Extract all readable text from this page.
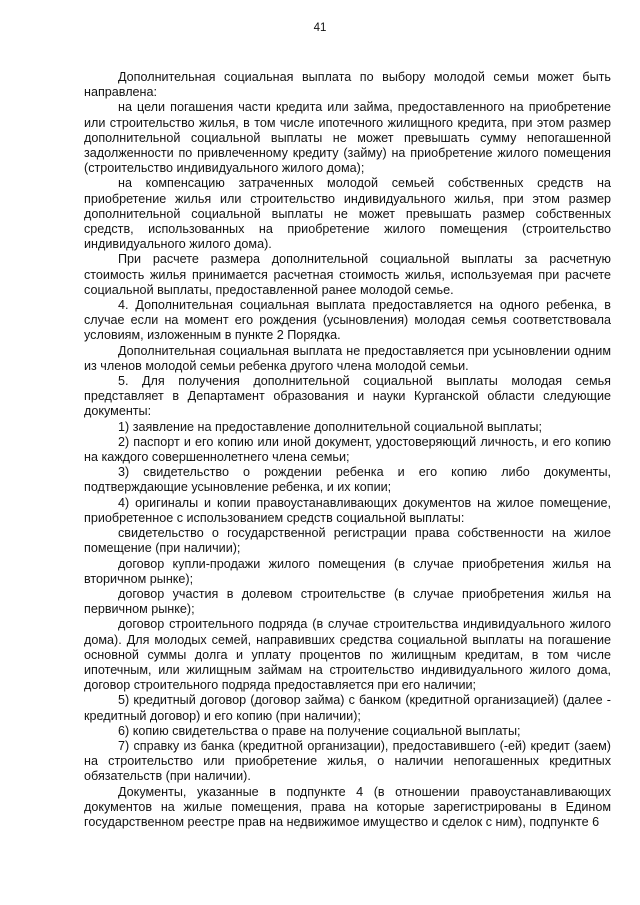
41

Дополнительная социальная выплата по выбору молодой семьи может быть направлена:

на цели погашения части кредита или займа, предоставленного на приобретение или строительство жилья, в том числе ипотечного жилищного кредита, при этом размер дополнительной социальной выплаты не может превышать сумму непогашенной задолженности по привлеченному кредиту (займу) на приобретение жилого помещения (строительство индивидуального жилого дома);

на компенсацию затраченных молодой семьей собственных средств на приобретение жилья или строительство индивидуального жилья, при этом размер дополнительной социальной выплаты не может превышать размер собственных средств, использованных на приобретение жилого помещения (строительство индивидуального жилого дома).

При расчете размера дополнительной социальной выплаты за расчетную стоимость жилья принимается расчетная стоимость жилья, используемая при расчете социальной выплаты, предоставленной ранее молодой семье.

4. Дополнительная социальная выплата предоставляется на одного ребенка, в случае если на момент его рождения (усыновления) молодая семья соответствовала условиям, изложенным в пункте 2 Порядка.

Дополнительная социальная выплата не предоставляется при усыновлении одним из членов молодой семьи ребенка другого члена молодой семьи.

5. Для получения дополнительной социальной выплаты молодая семья представляет в Департамент образования и науки Курганской области следующие документы:

1) заявление на предоставление дополнительной социальной выплаты;

2) паспорт и его копию или иной документ, удостоверяющий личность, и его копию на каждого совершеннолетнего члена семьи;

3) свидетельство о рождении ребенка и его копию либо документы, подтверждающие усыновление ребенка, и их копии;

4) оригиналы и копии правоустанавливающих документов на жилое помещение, приобретенное с использованием средств социальной выплаты:

свидетельство о государственной регистрации права собственности на жилое помещение (при наличии);

договор купли-продажи жилого помещения (в случае приобретения жилья на вторичном рынке);

договор участия в долевом строительстве (в случае приобретения жилья на первичном рынке);

договор строительного подряда (в случае строительства индивидуального жилого дома). Для молодых семей, направивших средства социальной выплаты на погашение основной суммы долга и уплату процентов по жилищным кредитам, в том числе ипотечным, или жилищным займам на строительство индивидуального жилого дома, договор строительного подряда предоставляется при его наличии;

5) кредитный договор (договор займа) с банком (кредитной организацией) (далее - кредитный договор) и его копию (при наличии);

6) копию свидетельства о праве на получение социальной выплаты;

7) справку из банка (кредитной организации), предоставившего (-ей) кредит (заем) на строительство или приобретение жилья, о наличии непогашенных кредитных обязательств (при наличии).

Документы, указанные в подпункте 4 (в отношении правоустанавливающих документов на жилые помещения, права на которые зарегистрированы в Едином государственном реестре прав на недвижимое имущество и сделок с ним), подпункте 6
